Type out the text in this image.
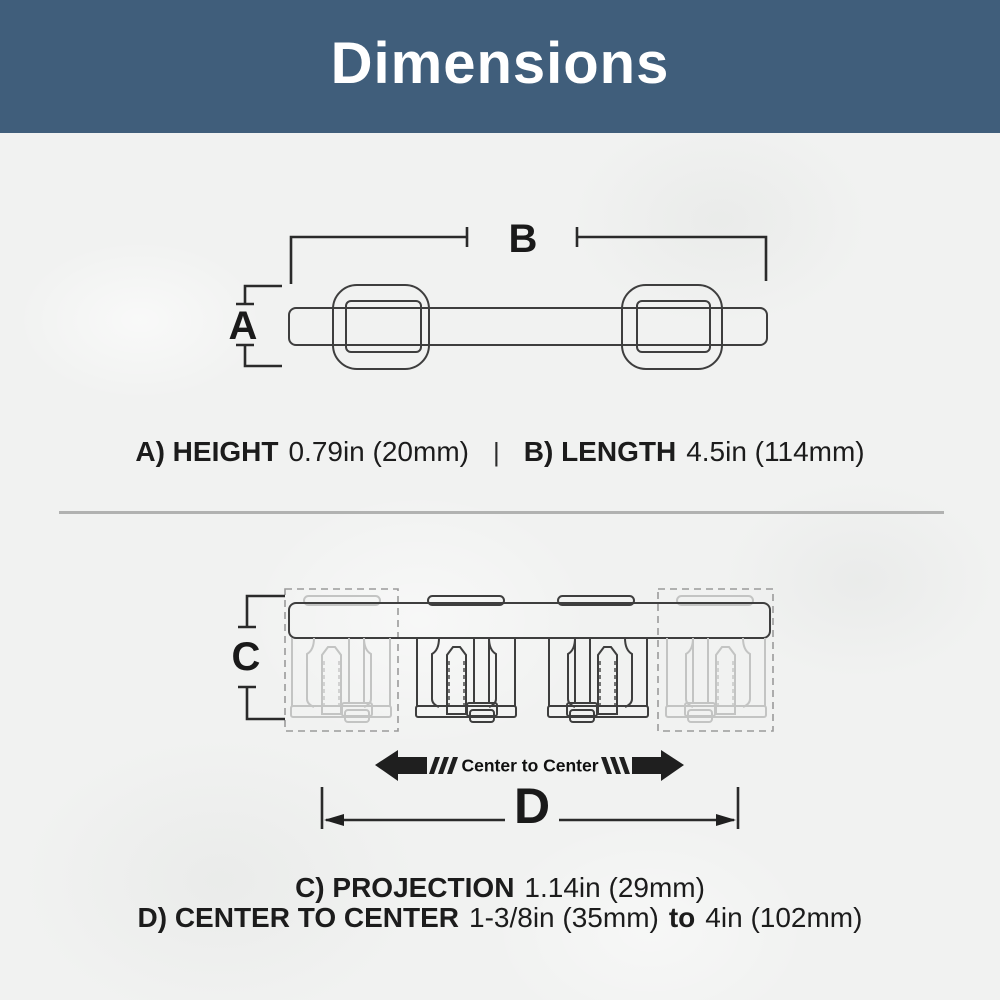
Dimensions
A
B
C
D
Center to Center
A) HEIGHT 0.79in (20mm) | B) LENGTH 4.5in (114mm)
C) PROJECTION 1.14in (29mm)
D) CENTER TO CENTER 1-3/8in (35mm) to 4in (102mm)
